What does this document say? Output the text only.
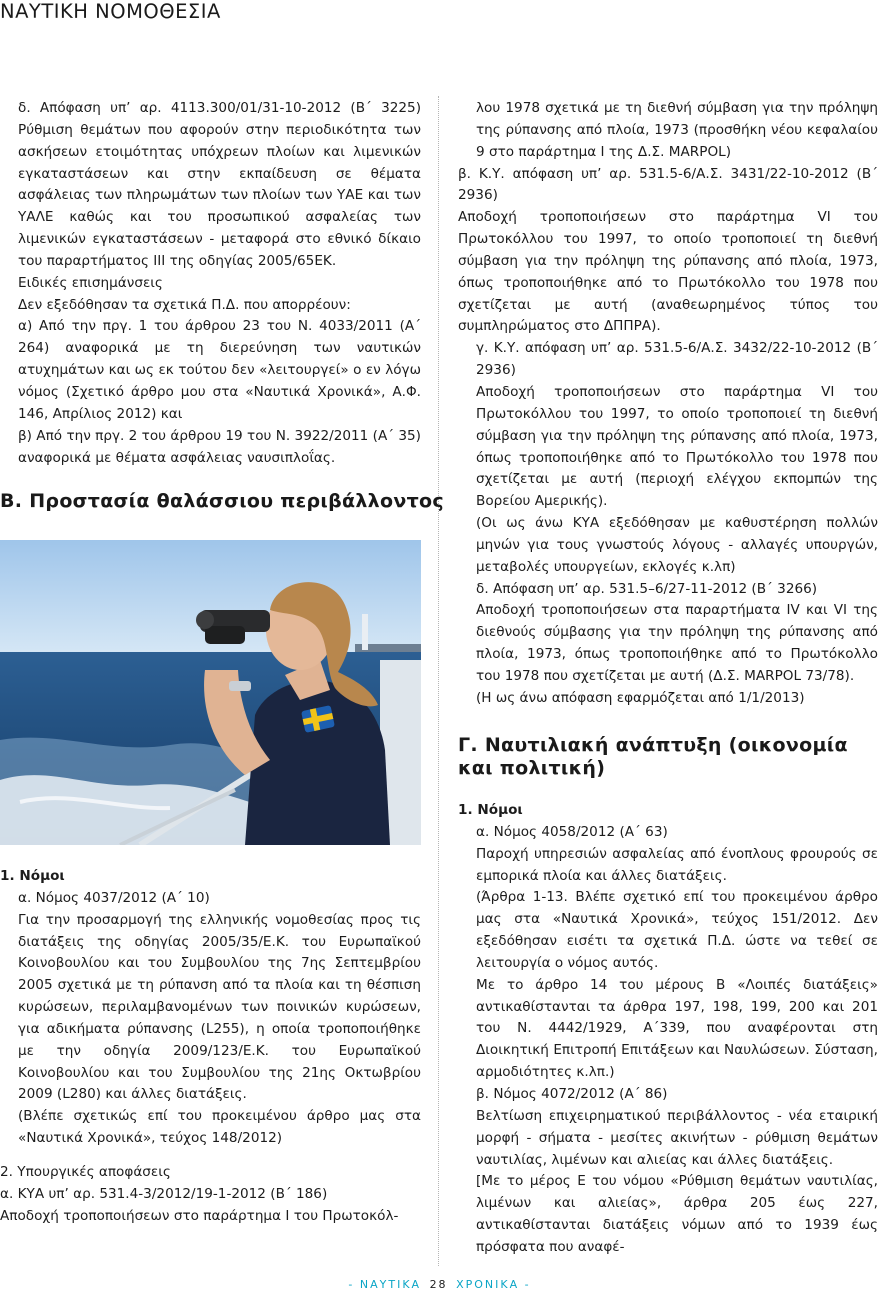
ΝΑΥΤΙΚΗ ΝΟΜΟΘΕΣΙΑ

δ. Απόφαση υπ’ αρ. 4113.300/01/31-10-2012 (Β΄ 3225) Ρύθμιση θεμάτων που αφορούν στην περιοδικότητα των ασκήσεων ετοιμότητας υπόχρεων πλοίων και λιμενικών εγκαταστάσεων και στην εκπαίδευση σε θέματα ασφάλειας των πληρωμάτων των πλοίων των ΥΑΕ και των ΥΑΛΕ καθώς και του προσωπικού ασφαλείας των λιμενικών εγκαταστάσεων - μεταφορά στο εθνικό δίκαιο του παραρτήματος III της οδηγίας 2005/65ΕΚ.

Ειδικές επισημάνσεις

Δεν εξεδόθησαν τα σχετικά Π.Δ. που απορρέουν:

α) Από την πργ. 1 του άρθρου 23 του Ν. 4033/2011 (Α΄ 264) αναφορικά με τη διερεύνηση των ναυτικών ατυχημάτων και ως εκ τούτου δεν «λειτουργεί» ο εν λόγω νόμος (Σχετικό άρθρο μου στα «Ναυτικά Χρονικά», Α.Φ. 146, Απρίλιος 2012) και

β) Από την πργ. 2 του άρθρου 19 του Ν. 3922/2011 (Α΄ 35) αναφορικά με θέματα ασφάλειας ναυσιπλοΐας.

Β. Προστασία θαλάσσιου περιβάλλοντος

1. Νόμοι

α. Νόμος 4037/2012 (Α΄ 10)

Για την προσαρμογή της ελληνικής νομοθεσίας προς τις διατάξεις της οδηγίας 2005/35/Ε.Κ. του Ευρωπαϊκού Κοινοβουλίου και του Συμβουλίου της 7ης Σεπτεμβρίου 2005 σχετικά με τη ρύπανση από τα πλοία και τη θέσπιση κυρώσεων, περιλαμβανομένων των ποινικών κυρώσεων, για αδικήματα ρύπανσης (L255), η οποία τροποποιήθηκε με την οδηγία 2009/123/Ε.Κ. του Ευρωπαϊκού Κοινοβουλίου και του Συμβουλίου της 21ης Οκτωβρίου 2009 (L280) και άλλες διατάξεις.

(Βλέπε σχετικώς επί του προκειμένου άρθρο μας στα «Ναυτικά Χρονικά», τεύχος 148/2012)

2. Υπουργικές αποφάσεις

α. ΚΥΑ υπ’ αρ. 531.4-3/2012/19-1-2012 (Β΄ 186)

Αποδοχή τροποποιήσεων στο παράρτημα Ι του Πρωτοκόλ-

λου 1978 σχετικά με τη διεθνή σύμβαση για την πρόληψη της ρύπανσης από πλοία, 1973 (προσθήκη νέου κεφαλαίου 9 στο παράρτημα Ι της Δ.Σ. MARPOL)

β. Κ.Υ. απόφαση υπ’ αρ. 531.5-6/Α.Σ. 3431/22-10-2012 (Β΄ 2936)

Αποδοχή τροποποιήσεων στο παράρτημα VI του Πρωτοκόλλου του 1997, το οποίο τροποποιεί τη διεθνή σύμβαση για την πρόληψη της ρύπανσης από πλοία, 1973, όπως τροποποιήθηκε από το Πρωτόκολλο του 1978 που σχετίζεται με αυτή (αναθεωρημένος τύπος του συμπληρώματος στο ΔΠΠΡΑ).

γ. Κ.Υ. απόφαση υπ’ αρ. 531.5-6/Α.Σ. 3432/22-10-2012 (Β΄ 2936)

Αποδοχή τροποποιήσεων στο παράρτημα VI του Πρωτοκόλλου του 1997, το οποίο τροποποιεί τη διεθνή σύμβαση για την πρόληψη της ρύπανσης από πλοία, 1973, όπως τροποποιήθηκε από το Πρωτόκολλο του 1978 που σχετίζεται με αυτή (περιοχή ελέγχου εκπομπών της Βορείου Αμερικής).

(Οι ως άνω ΚΥΑ εξεδόθησαν με καθυστέρηση πολλών μηνών για τους γνωστούς λόγους - αλλαγές υπουργών, μεταβολές υπουργείων, εκλογές κ.λπ)

δ. Απόφαση υπ’ αρ. 531.5–6/27-11-2012 (Β΄ 3266)

Αποδοχή τροποποιήσεων στα παραρτήματα IV και VI της διεθνούς σύμβασης για την πρόληψη της ρύπανσης από πλοία, 1973, όπως τροποποιήθηκε από το Πρωτόκολλο του 1978 που σχετίζεται με αυτή (Δ.Σ. MARPOL 73/78).

(Η ως άνω απόφαση εφαρμόζεται από 1/1/2013)

Γ. Ναυτιλιακή ανάπτυξη (οικονομία και πολιτική)

1. Νόμοι

α. Νόμος 4058/2012 (Α΄ 63)

Παροχή υπηρεσιών ασφαλείας από ένοπλους φρουρούς σε εμπορικά πλοία και άλλες διατάξεις.

(Άρθρα 1-13. Βλέπε σχετικό επί του προκειμένου άρθρο μας στα «Ναυτικά Χρονικά», τεύχος 151/2012. Δεν εξεδόθησαν εισέτι τα σχετικά Π.Δ. ώστε να τεθεί σε λειτουργία ο νόμος αυτός.

Με το άρθρο 14 του μέρους Β «Λοιπές διατάξεις» αντικαθίστανται τα άρθρα 197, 198, 199, 200 και 201 του Ν. 4442/1929, Α΄339, που αναφέρονται στη Διοικητική Επιτροπή Επιτάξεων και Ναυλώσεων. Σύσταση, αρμοδιότητες κ.λπ.)

β. Νόμος 4072/2012 (Α΄ 86)

Βελτίωση επιχειρηματικού περιβάλλοντος - νέα εταιρική μορφή - σήματα - μεσίτες ακινήτων - ρύθμιση θεμάτων ναυτιλίας, λιμένων και αλιείας και άλλες διατάξεις.

[Με το μέρος Ε του νόμου «Ρύθμιση θεμάτων ναυτιλίας, λιμένων και αλιείας», άρθρα 205 έως 227, αντικαθίστανται διατάξεις νόμων από το 1939 έως πρόσφατα που αναφέ-

- ΝΑΥΤΙΚΑ 28 ΧΡΟΝΙΚΑ -
